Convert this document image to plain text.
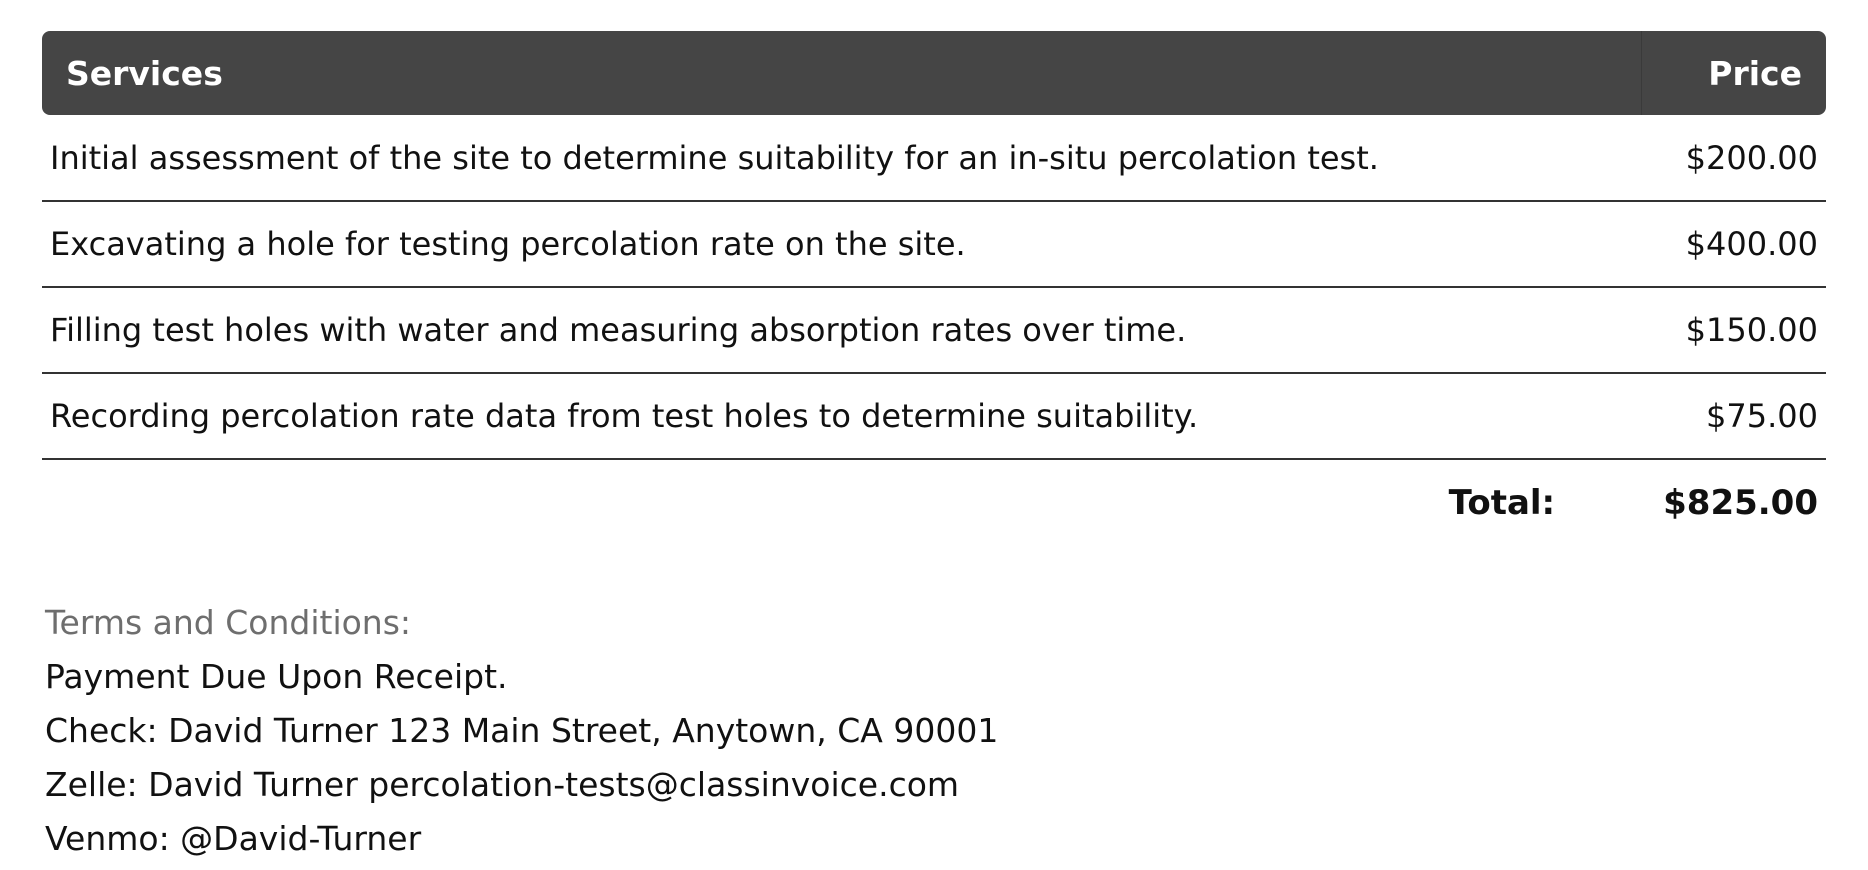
Services	Price
Initial assessment of the site to determine suitability for an in-situ percolation test.	$200.00
Excavating a hole for testing percolation rate on the site.	$400.00
Filling test holes with water and measuring absorption rates over time.	$150.00
Recording percolation rate data from test holes to determine suitability.	$75.00
Total:	$825.00
Terms and Conditions:
Payment Due Upon Receipt.
Check: David Turner 123 Main Street, Anytown, CA 90001
Zelle: David Turner percolation-tests@classinvoice.com
Venmo: @David-Turner
